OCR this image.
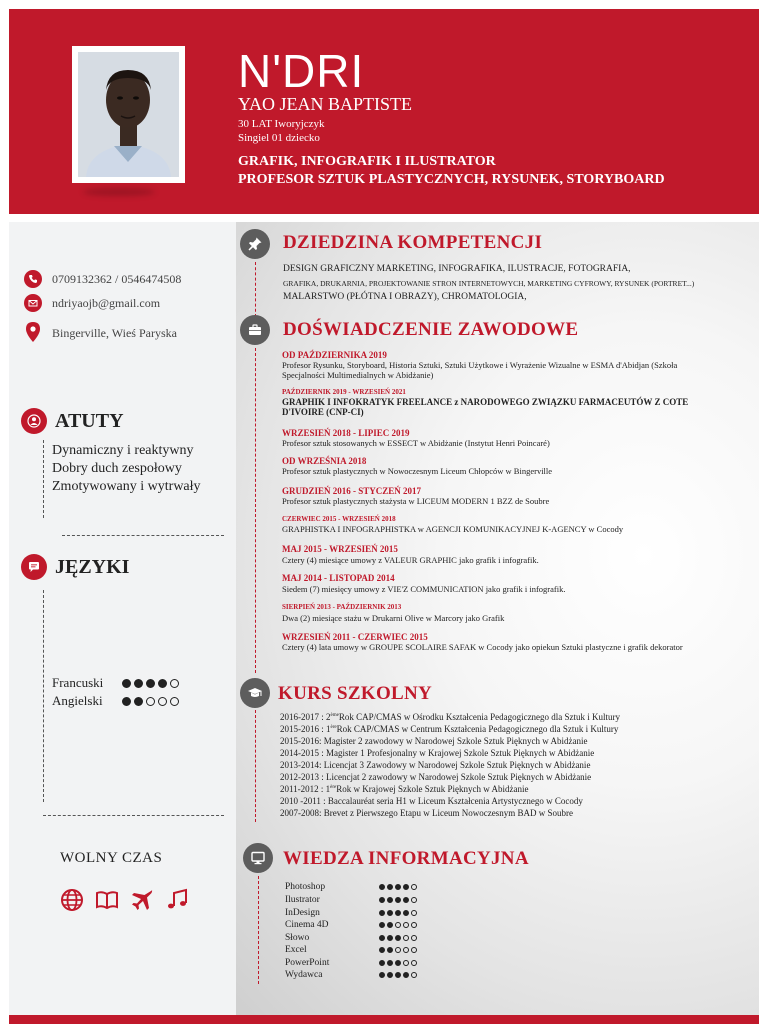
N'DRI
YAO JEAN BAPTISTE
30 LAT Iworyjczyk
Singiel 01 dziecko
GRAFIK, INFOGRAFIK I ILUSTRATOR
PROFESOR SZTUK PLASTYCZNYCH, RYSUNEK, STORYBOARD
0709132362 / 0546474508
ndriyaojb@gmail.com
Bingerville, Wieś Paryska
ATUTY
Dynamiczny i reaktywny
Dobry duch zespołowy
Zmotywowany i wytrwały
JĘZYKI
Francuski
Angielski
WOLNY CZAS
DZIEDZINA KOMPETENCJI
DESIGN GRAFICZNY MARKETING, INFOGRAFIKA, ILUSTRACJE, FOTOGRAFIA,
GRAFIKA, DRUKARNIA, PROJEKTOWANIE STRON INTERNETOWYCH, MARKETING CYFROWY, RYSUNEK (PORTRET...)
MALARSTWO (PŁÓTNA I OBRAZY), CHROMATOLOGIA,
DOŚWIADCZENIE ZAWODOWE
OD PAŹDZIERNIKA 2019
Profesor Rysunku, Storyboard, Historia Sztuki, Sztuki Użytkowe i Wyrażenie Wizualne w ESMA d'Abidjan (Szkoła Specjalności Multimedialnych w Abidżanie)
PAŹDZIERNIK 2019 - WRZESIEŃ 2021
GRAPHIK I INFOKRATYK FREELANCE z NARODOWEGO ZWIĄZKU FARMACEUTÓW Z COTE D'IVOIRE (CNP-CI)
WRZESIEŃ 2018 - LIPIEC 2019
Profesor sztuk stosowanych w ESSECT w Abidżanie (Instytut Henri Poincaré)
OD WRZEŚNIA 2018
Profesor sztuk plastycznych w Nowoczesnym Liceum Chłopców w Bingerville
GRUDZIEŃ 2016 - STYCZEŃ 2017
Profesor sztuk plastycznych stażysta w LICEUM MODERN 1 BZZ de Soubre
CZERWIEC 2015 - WRZESIEŃ 2018
GRAPHISTKA I INFOGRAPHISTKA w AGENCJI KOMUNIKACYJNEJ K-AGENCY w Cocody
MAJ 2015 - WRZESIEŃ 2015
Cztery (4) miesiące umowy z VALEUR GRAPHIC jako grafik i infografik.
MAJ 2014 - LISTOPAD 2014
Siedem (7) miesięcy umowy z VIE'Z COMMUNICATION jako grafik i infografik.
SIERPIEŃ 2013 - PAŹDZIERNIK 2013
Dwa (2) miesiące stażu w Drukarni Olive w Marcory jako Grafik
WRZESIEŃ 2011 - CZERWIEC 2015
Cztery (4) lata umowy w GROUPE SCOLAIRE SAFAK w Cocody jako opiekun Sztuki plastyczne i grafik dekorator
KURS SZKOLNY
2016-2017 : 2èmeRok CAP/CMAS w Ośrodku Kształcenia Pedagogicznego dla Sztuk i Kultury
2015-2016 : 1èreRok CAP/CMAS w Centrum Kształcenia Pedagogicznego dla Sztuk i Kultury
2015-2016: Magister 2 zawodowy w Narodowej Szkole Sztuk Pięknych w Abidżanie
2014-2015 : Magister 1 Profesjonalny w Krajowej Szkole Sztuk Pięknych w Abidżanie
2013-2014: Licencjat 3 Zawodowy w Narodowej Szkole Sztuk Pięknych w Abidżanie
2012-2013 : Licencjat 2 zawodowy w Narodowej Szkole Sztuk Pięknych w Abidżanie
2011-2012 : 1èreRok w Krajowej Szkole Sztuk Pięknych w Abidżanie
2010 -2011 : Baccalauréat seria H1 w Liceum Kształcenia Artystycznego w Cocody
2007-2008: Brevet z Pierwszego Etapu w Liceum Nowoczesnym BAD w Soubre
WIEDZA INFORMACYJNA
Photoshop
Ilustrator
InDesign
Cinema 4D
Słowo
Excel
PowerPoint
Wydawca
